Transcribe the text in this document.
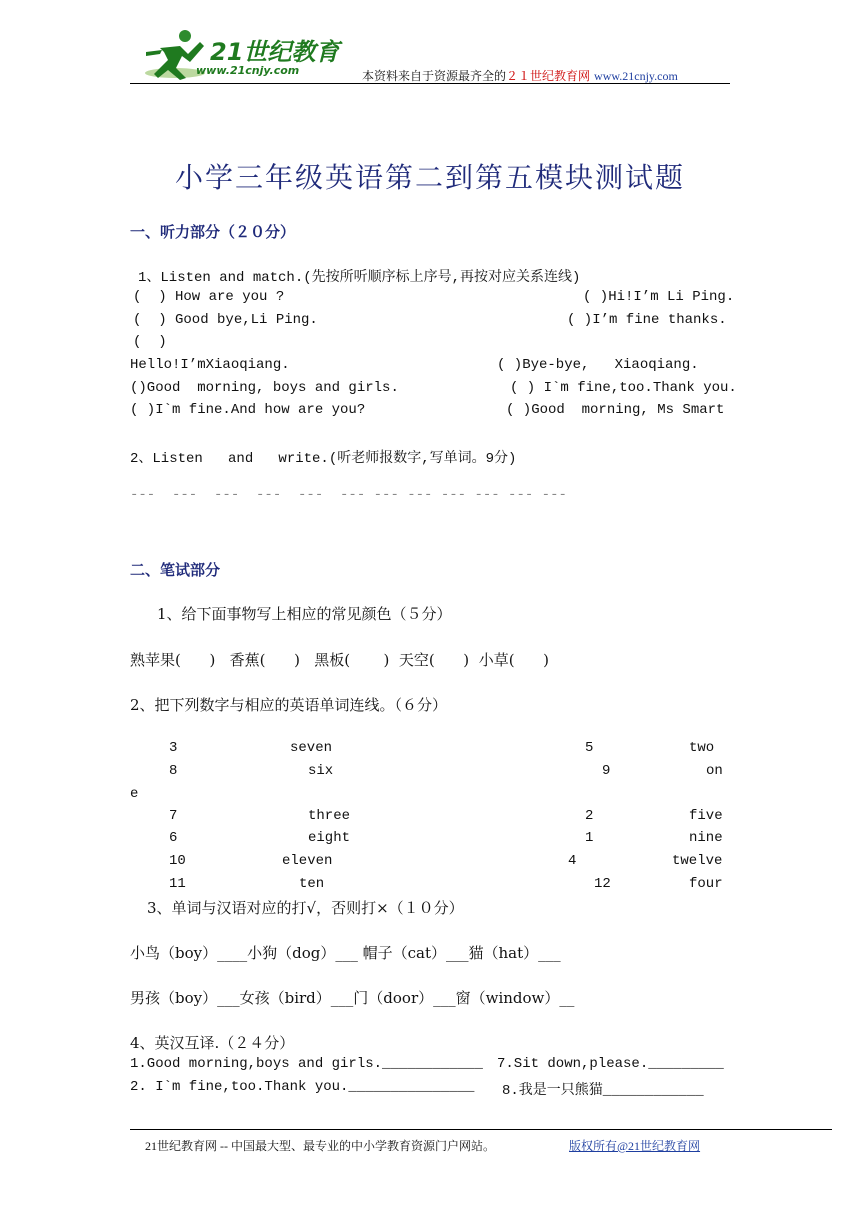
21世纪教育
www.21cnjy.com	本资料来自于资源最齐全的２１世纪教育网 www.21cnjy.com
小学三年级英语第二到第五模块测试题
一、听力部分（２０分）
1、Listen and match.(先按所听顺序标上序号,再按对应关系连线)
(  ) How are you ?	( )Hi!I’m Li Ping.
(  ) Good bye,Li Ping.	( )I’m fine thanks.
(  )
Hello!I’mXiaoqiang.	( )Bye-bye,   Xiaoqiang.
()Good  morning, boys and girls.	( ) I`m fine,too.Thank you.
( )I`m fine.And how are you?	( )Good  morning, Ms Smart
2、Listen   and   write.(听老师报数字,写单词。9分)
---  ---  ---  ---  ---  --- --- --- --- --- --- ---
二、笔试部分
1、给下面事物写上相应的常见颜色（５分）
熟苹果(      )   香蕉(      )   黑板(       )  天空(      )  小草(      )
2、把下列数字与相应的英语单词连线。（６分）
3	seven	5	two
8	six	9	on
e
7	three	2	five
6	eight	1	nine
10	eleven	4	twelve
11	ten	12	four
3、单词与汉语对应的打√，否则打×（１０分）
小鸟（boy）____小狗（dog）___ 帽子（cat）___猫（hat）___
男孩（boy）___女孩（bird）___门（door）___窗（window）__
4、英汉互译.（２４分）
1.Good morning,boys and girls.____________ 7.Sit down,please._________
2. I`m fine,too.Thank you._______________ 8.我是一只熊猫____________
21世纪教育网 -- 中国最大型、最专业的中小学教育资源门户网站。	版权所有@21世纪教育网
